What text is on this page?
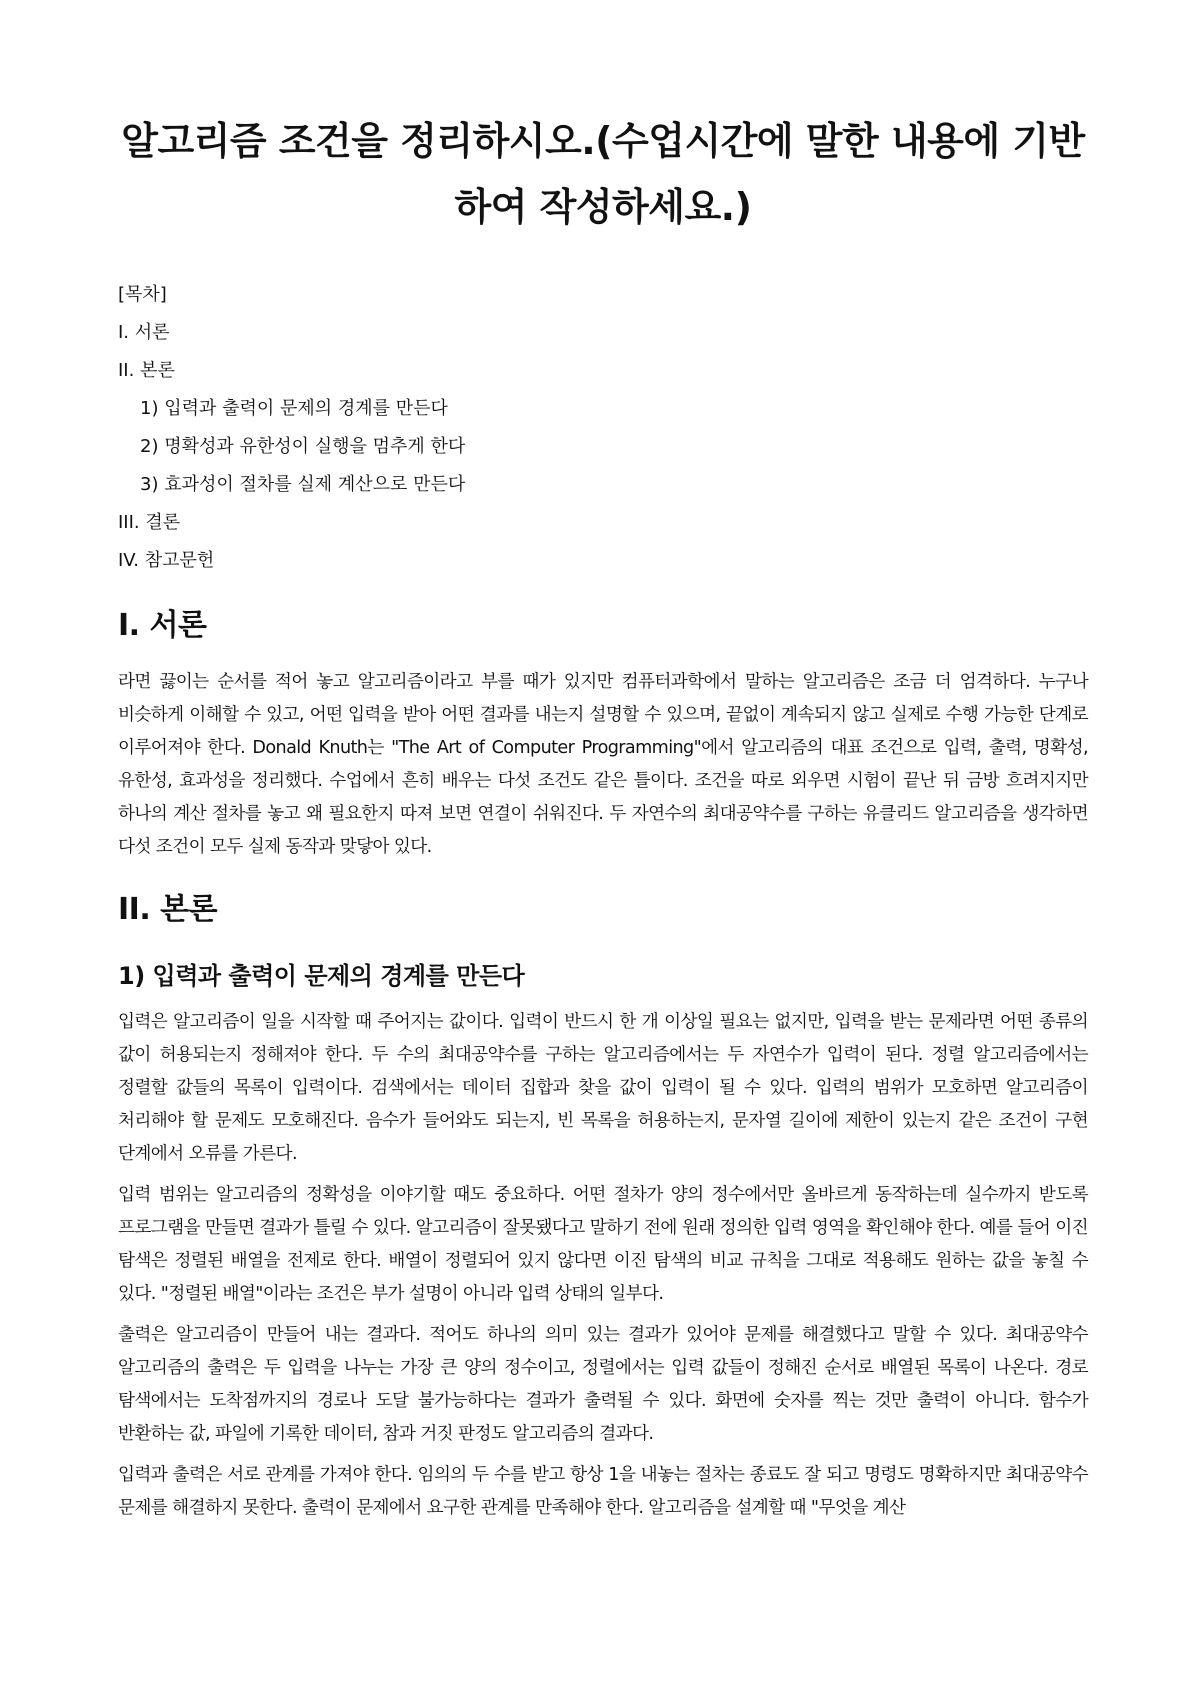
알고리즘 조건을 정리하시오.(수업시간에 말한 내용에 기반하여 작성하세요.)

[목차]

I. 서론

II. 본론

1) 입력과 출력이 문제의 경계를 만든다

2) 명확성과 유한성이 실행을 멈추게 한다

3) 효과성이 절차를 실제 계산으로 만든다

III. 결론

IV. 참고문헌

I. 서론

라면 끓이는 순서를 적어 놓고 알고리즘이라고 부를 때가 있지만 컴퓨터과학에서 말하는 알고리즘은 조금 더 엄격하다. 누구나 비슷하게 이해할 수 있고, 어떤 입력을 받아 어떤 결과를 내는지 설명할 수 있으며, 끝없이 계속되지 않고 실제로 수행 가능한 단계로 이루어져야 한다. Donald Knuth는 "The Art of Computer Programming"에서 알고리즘의 대표 조건으로 입력, 출력, 명확성, 유한성, 효과성을 정리했다. 수업에서 흔히 배우는 다섯 조건도 같은 틀이다. 조건을 따로 외우면 시험이 끝난 뒤 금방 흐려지지만 하나의 계산 절차를 놓고 왜 필요한지 따져 보면 연결이 쉬워진다. 두 자연수의 최대공약수를 구하는 유클리드 알고리즘을 생각하면 다섯 조건이 모두 실제 동작과 맞닿아 있다.

II. 본론
1) 입력과 출력이 문제의 경계를 만든다

입력은 알고리즘이 일을 시작할 때 주어지는 값이다. 입력이 반드시 한 개 이상일 필요는 없지만, 입력을 받는 문제라면 어떤 종류의 값이 허용되는지 정해져야 한다. 두 수의 최대공약수를 구하는 알고리즘에서는 두 자연수가 입력이 된다. 정렬 알고리즘에서는 정렬할 값들의 목록이 입력이다. 검색에서는 데이터 집합과 찾을 값이 입력이 될 수 있다. 입력의 범위가 모호하면 알고리즘이 처리해야 할 문제도 모호해진다. 음수가 들어와도 되는지, 빈 목록을 허용하는지, 문자열 길이에 제한이 있는지 같은 조건이 구현 단계에서 오류를 가른다.

입력 범위는 알고리즘의 정확성을 이야기할 때도 중요하다. 어떤 절차가 양의 정수에서만 올바르게 동작하는데 실수까지 받도록 프로그램을 만들면 결과가 틀릴 수 있다. 알고리즘이 잘못됐다고 말하기 전에 원래 정의한 입력 영역을 확인해야 한다. 예를 들어 이진 탐색은 정렬된 배열을 전제로 한다. 배열이 정렬되어 있지 않다면 이진 탐색의 비교 규칙을 그대로 적용해도 원하는 값을 놓칠 수 있다. "정렬된 배열"이라는 조건은 부가 설명이 아니라 입력 상태의 일부다.

출력은 알고리즘이 만들어 내는 결과다. 적어도 하나의 의미 있는 결과가 있어야 문제를 해결했다고 말할 수 있다. 최대공약수 알고리즘의 출력은 두 입력을 나누는 가장 큰 양의 정수이고, 정렬에서는 입력 값들이 정해진 순서로 배열된 목록이 나온다. 경로 탐색에서는 도착점까지의 경로나 도달 불가능하다는 결과가 출력될 수 있다. 화면에 숫자를 찍는 것만 출력이 아니다. 함수가 반환하는 값, 파일에 기록한 데이터, 참과 거짓 판정도 알고리즘의 결과다.

입력과 출력은 서로 관계를 가져야 한다. 임의의 두 수를 받고 항상 1을 내놓는 절차는 종료도 잘 되고 명령도 명확하지만 최대공약수 문제를 해결하지 못한다. 출력이 문제에서 요구한 관계를 만족해야 한다. 알고리즘을 설계할 때 "무엇을 계산
